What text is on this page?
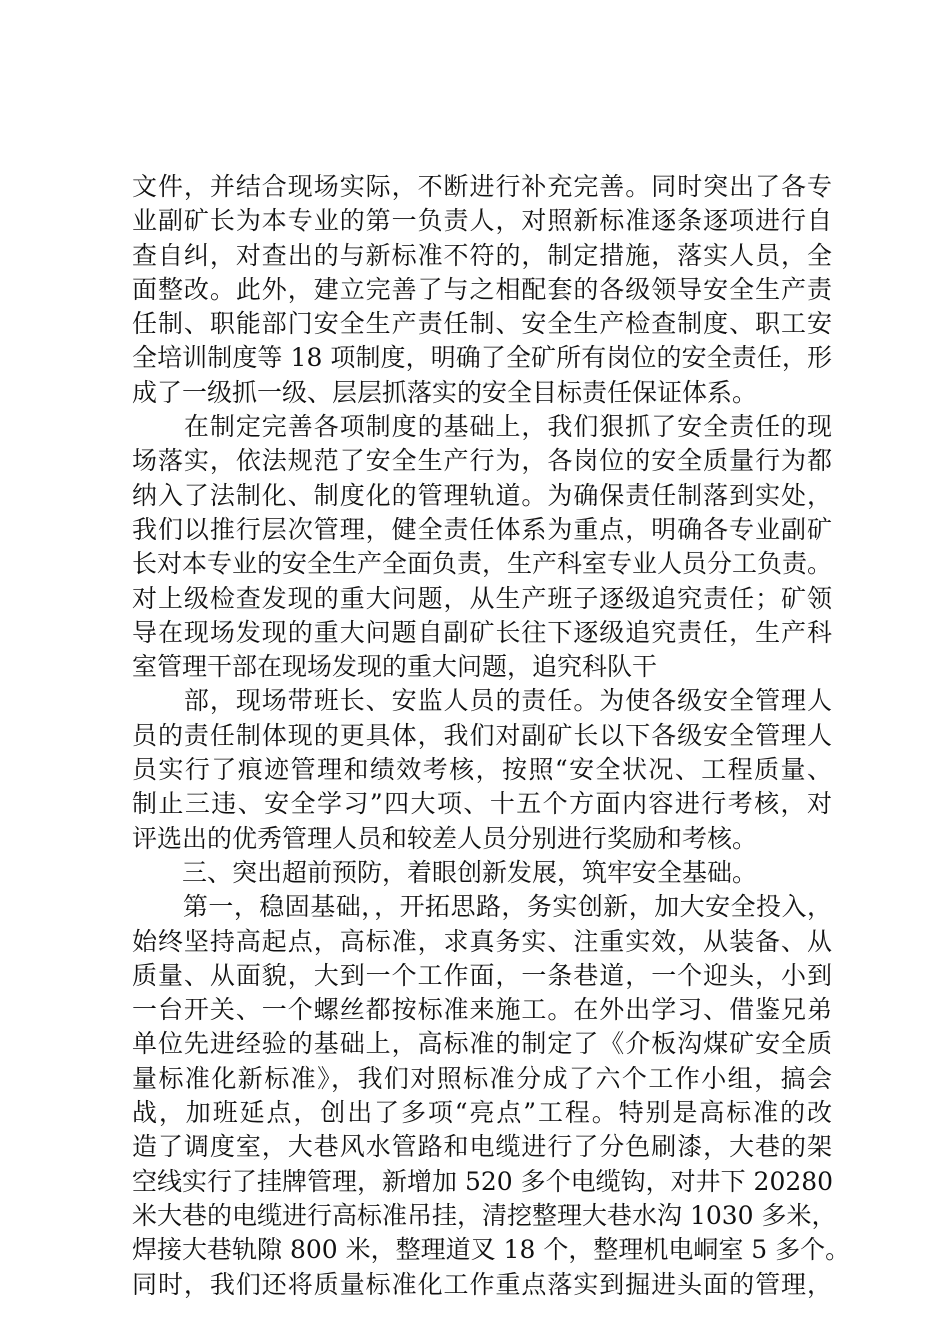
文件，并结合现场实际，不断进行补充完善。同时突出了各专
业副矿长为本专业的第一负责人，对照新标准逐条逐项进行自
查自纠，对查出的与新标准不符的，制定措施，落实人员，全
面整改。此外，建立完善了与之相配套的各级领导安全生产责
任制、职能部门安全生产责任制、安全生产检查制度、职工安
全培训制度等 18 项制度，明确了全矿所有岗位的安全责任，形
成了一级抓一级、层层抓落实的安全目标责任保证体系。
　　在制定完善各项制度的基础上，我们狠抓了安全责任的现
场落实，依法规范了安全生产行为，各岗位的安全质量行为都
纳入了法制化、制度化的管理轨道。为确保责任制落到实处，
我们以推行层次管理，健全责任体系为重点，明确各专业副矿
长对本专业的安全生产全面负责，生产科室专业人员分工负责。
对上级检查发现的重大问题，从生产班子逐级追究责任；矿领
导在现场发现的重大问题自副矿长往下逐级追究责任，生产科
室管理干部在现场发现的重大问题，追究科队干
　　部，现场带班长、安监人员的责任。为使各级安全管理人
员的责任制体现的更具体，我们对副矿长以下各级安全管理人
员实行了痕迹管理和绩效考核，按照“安全状况、工程质量、
制止三违、安全学习”四大项、十五个方面内容进行考核，对
评选出的优秀管理人员和较差人员分别进行奖励和考核。
　　三、突出超前预防，着眼创新发展，筑牢安全基础。
　　第一，稳固基础，，开拓思路，务实创新，加大安全投入，
始终坚持高起点，高标准，求真务实、注重实效，从装备、从
质量、从面貌，大到一个工作面，一条巷道，一个迎头，小到
一台开关、一个螺丝都按标准来施工。在外出学习、借鉴兄弟
单位先进经验的基础上，高标准的制定了《介板沟煤矿安全质
量标准化新标准》，我们对照标准分成了六个工作小组，搞会
战，加班延点，创出了多项“亮点”工程。特别是高标准的改
造了调度室，大巷风水管路和电缆进行了分色刷漆，大巷的架
空线实行了挂牌管理，新增加 520 多个电缆钩，对井下 20280
米大巷的电缆进行高标准吊挂，清挖整理大巷水沟 1030 多米，
焊接大巷轨隙 800 米，整理道叉 18 个，整理机电峒室 5 多个。
同时，我们还将质量标准化工作重点落实到掘进头面的管理，
